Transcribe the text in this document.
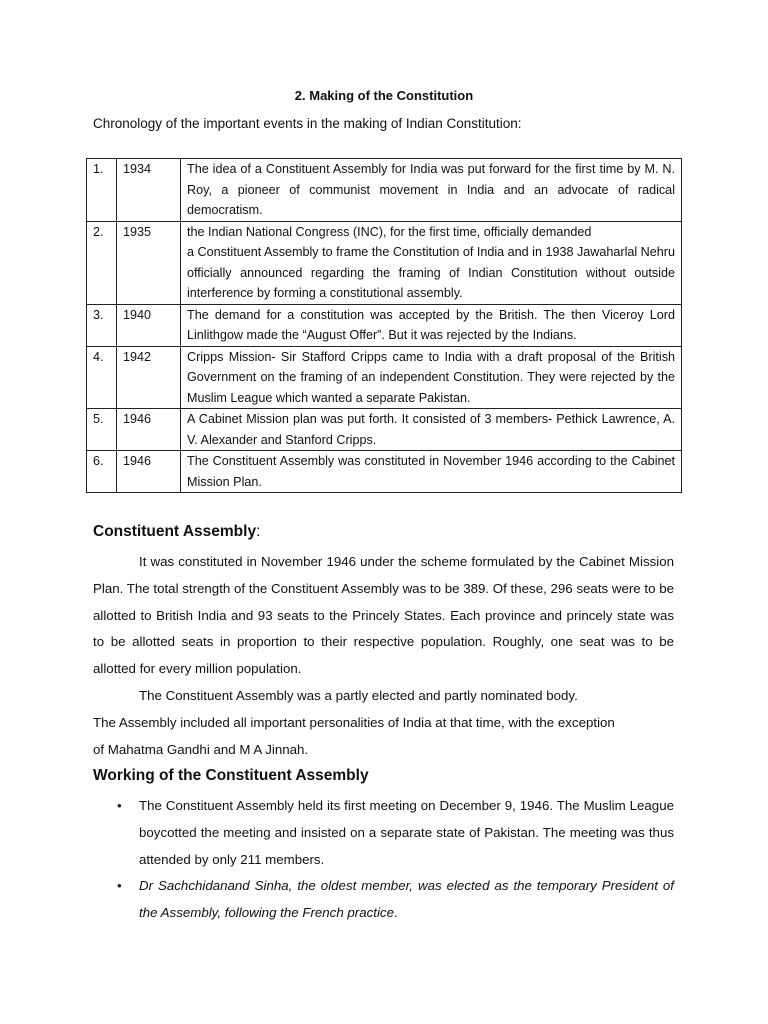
2. Making of the Constitution
Chronology of the important events in the making of Indian Constitution:
1.	1934	The idea of a Constituent Assembly for India was put forward for the first time by M. N. Roy, a pioneer of communist movement in India and an advocate of radical democratism.
2.	1935	the Indian National Congress (INC), for the first time, officially demanded
a Constituent Assembly to frame the Constitution of India and in 1938 Jawaharlal Nehru officially announced regarding the framing of Indian Constitution without outside interference by forming a constitutional assembly.

3.	1940	The demand for a constitution was accepted by the British. The then Viceroy Lord Linlithgow made the “August Offer”. But it was rejected by the Indians.
4.	1942	Cripps Mission- Sir Stafford Cripps came to India with a draft proposal of the British Government on the framing of an independent Constitution. They were rejected by the Muslim League which wanted a separate Pakistan.
5.	1946	A Cabinet Mission plan was put forth. It consisted of 3 members- Pethick Lawrence, A. V. Alexander and Stanford Cripps.
6.	1946	The Constituent Assembly was constituted in November 1946 according to the Cabinet Mission Plan.
Constituent Assembly:

It was constituted in November 1946 under the scheme formulated by the Cabinet Mission Plan. The total strength of the Constituent Assembly was to be 389. Of these, 296 seats were to be allotted to British India and 93 seats to the Princely States. Each province and princely state was to be allotted seats in proportion to their respective population. Roughly, one seat was to be allotted for every million population.

The Constituent Assembly was a partly elected and partly nominated body.

The Assembly included all important personalities of India at that time, with the exception

of Mahatma Gandhi and M A Jinnah.

Working of the Constituent Assembly
• The Constituent Assembly held its first meeting on December 9, 1946. The Muslim League boycotted the meeting and insisted on a separate state of Pakistan. The meeting was thus attended by only 211 members.
• Dr Sachchidanand Sinha, the oldest member, was elected as the temporary President of the Assembly, following the French practice.
